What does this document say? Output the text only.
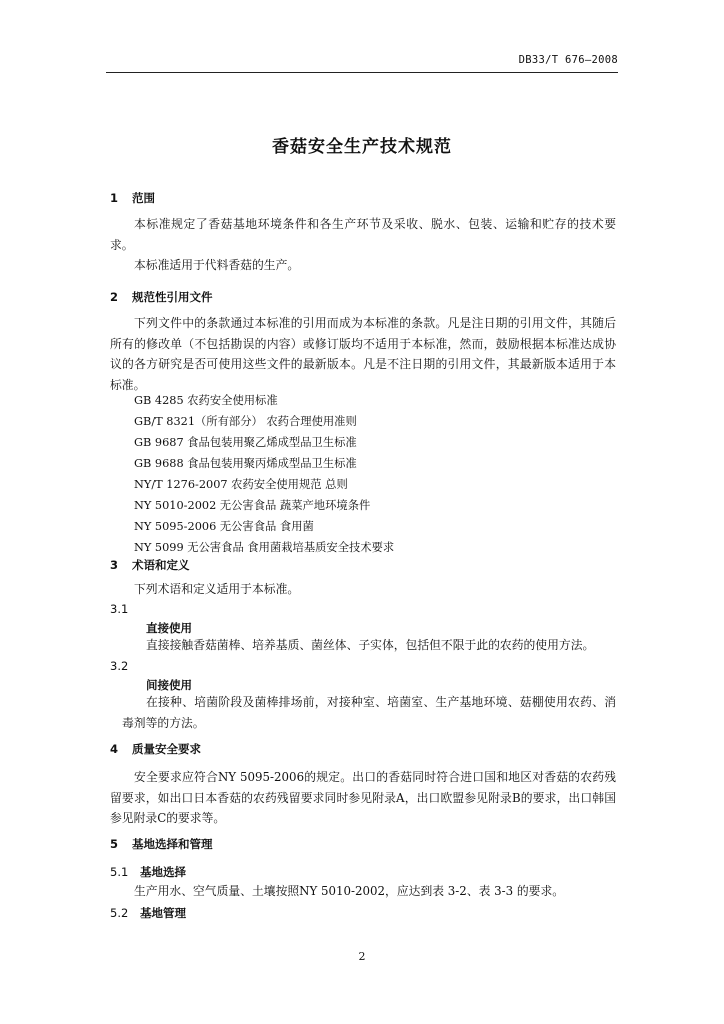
DB33/T 676—2008
香菇安全生产技术规范
1 范围
本标准规定了香菇基地环境条件和各生产环节及采收、脱水、包装、运输和贮存的技术要求。
本标准适用于代料香菇的生产。
2 规范性引用文件
下列文件中的条款通过本标准的引用而成为本标准的条款。凡是注日期的引用文件，其随后所有的修改单（不包括勘误的内容）或修订版均不适用于本标准，然而，鼓励根据本标准达成协议的各方研究是否可使用这些文件的最新版本。凡是不注日期的引用文件，其最新版本适用于本标准。
GB 4285 农药安全使用标准
GB/T 8321（所有部分） 农药合理使用准则
GB 9687 食品包装用聚乙烯成型品卫生标准
GB 9688 食品包装用聚丙烯成型品卫生标准
NY/T 1276-2007 农药安全使用规范 总则
NY 5010-2002 无公害食品 蔬菜产地环境条件
NY 5095-2006 无公害食品 食用菌
NY 5099 无公害食品 食用菌栽培基质安全技术要求
3 术语和定义
下列术语和定义适用于本标准。
3.1
直接使用
直接接触香菇菌棒、培养基质、菌丝体、子实体，包括但不限于此的农药的使用方法。
3.2
间接使用
在接种、培菌阶段及菌棒排场前，对接种室、培菌室、生产基地环境、菇棚使用农药、消毒剂等的方法。
4 质量安全要求
安全要求应符合NY 5095-2006的规定。出口的香菇同时符合进口国和地区对香菇的农药残留要求，如出口日本香菇的农药残留要求同时参见附录A，出口欧盟参见附录B的要求，出口韩国参见附录C的要求等。
5 基地选择和管理
5.1 基地选择
生产用水、空气质量、土壤按照NY 5010-2002，应达到表 3-2、表 3-3 的要求。
5.2 基地管理
2
